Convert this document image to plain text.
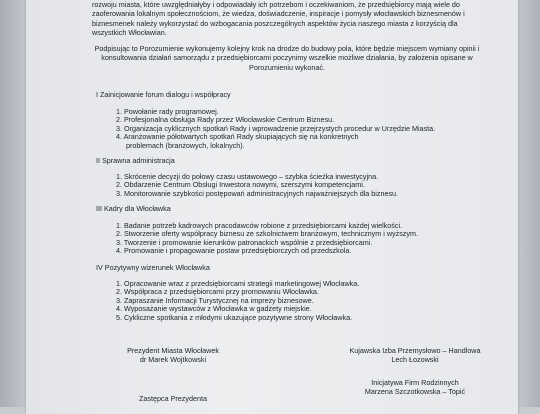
rozwoju miasta, które uwzględniałyby i odpowiadały ich potrzebom i oczekiwaniom, że przedsiębiorcy mają wiele do zaoferowania lokalnym społecznościom, że wiedza, doświadczenie, inspiracje i pomysły włocławskich biznesmenów i biznesmenek należy wykorzystać do wzbogacania poszczególnych aspektów życia naszego miasta z korzyścią dla wszystkich Włocławian.
Podpisując to Porozumienie wykonujemy kolejny krok na drodze do budowy pola, które będzie miejscem wymiany opinii i konsultowania działań samorządu z przedsiębiorcami poczynimy wszelkie możliwe działania, by założenia opisane w Porozumieniu wykonać.
I Zainicjowanie forum dialogu i współpracy
1. Powołanie rady programowej.
2. Profesjonalna obsługa Rady przez Włocławskie Centrum Biznesu.
3. Organizacja cyklicznych spotkań Rady i wprowadzenie przejrzystych procedur w Urzędzie Miasta.
4. Aranżowanie półotwartych spotkań Rady skupiających się na konkretnych problemach (branżowych, lokalnych).
II Sprawna administracja
1. Skrócenie decyzji do połowy czasu ustawowego – szybka ścieżka inwestycyjna.
2. Obdarzenie Centrum Obsługi Inwestora nowymi, szerszymi kompetencjami.
3. Monitorowanie szybkości postępowań administracyjnych najważniejszych dla biznesu.
III Kadry dla Włocławka
1. Badanie potrzeb kadrowych pracodawców robione z przedsiębiorcami każdej wielkości.
2. Stworzenie oferty współpracy biznesu ze szkolnictwem branżowym, technicznym i wyższym.
3. Tworzenie i promowanie kierunków patronackich wspólnie z przedsiębiorcami.
4. Promowanie i propagowanie postaw przedsiębiorczych od przedszkola.
IV Pozytywny wizerunek Włocławka
1. Opracowanie wraz z przedsiębiorcami strategii marketingowej Włocławka.
2. Współpraca z przedsiębiorcami przy promowaniu Włocławka.
3. Zapraszanie Informacji Turystycznej na imprezy biznesowe.
4. Wyposażanie wystawców z Włocławka w gadżety miejskie.
5. Cykliczne spotkania z młodymi ukazujące pozytywne strony Włocławka.
Prezydent Miasta Włocławek
dr Marek Wojtkowski
Kujawska Izba Przemysłowo – Handlowa
Lech Łozowski
Inicjatywa Firm Rodzinnych
Marzena Szczotkowska – Topić
Zastępca Prezydenta
